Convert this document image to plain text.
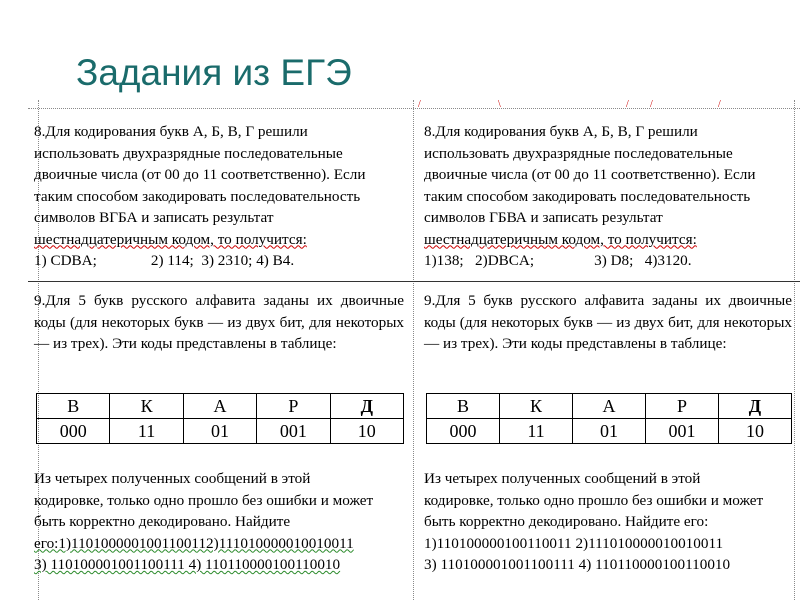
Задания из ЕГЭ
/	\	/ /	/

8.Для кодирования букв А, Б, В, Г решили

использовать двухразрядные последовательные

двоичные числа (от 00 до 11 соответственно). Если

таким способом закодировать последовательность

символов ВГБА и записать результат

шестнадцатеричным кодом, то получится:

1) CDBA;	2) 114; 3) 2310; 4) B4.

8.Для кодирования букв А, Б, В, Г решили

использовать двухразрядные последовательные

двоичные числа (от 00 до 11 соответственно). Если

таким способом закодировать последовательность

символов ГБВА и записать результат

шестнадцатеричным кодом, то получится:

1)138; 2)DBCA;	3) D8; 4)3120.

9.Для 5 букв русского алфавита заданы их двоичные коды (для некоторых букв — из двух бит, для некоторых — из трех). Эти коды представлены в таблице:
В	К	А	Р	Д
000	11	01	001	10

Из четырех полученных сообщений в этой

кодировке, только одно прошло без ошибки и может

быть корректно декодировано. Найдите

его:1)1101000001001100112)111010000010010011

3) 110100001001100111 4) 110110000100110010

9.Для 5 букв русского алфавита заданы их двоичные коды (для некоторых букв — из двух бит, для некоторых — из трех). Эти коды представлены в таблице:
В	К	А	Р	Д
000	11	01	001	10

Из четырех полученных сообщений в этой

кодировке, только одно прошло без ошибки и может

быть корректно декодировано. Найдите его:

1)110100000100110011 2)111010000010010011

3) 110100001001100111 4) 110110000100110010
